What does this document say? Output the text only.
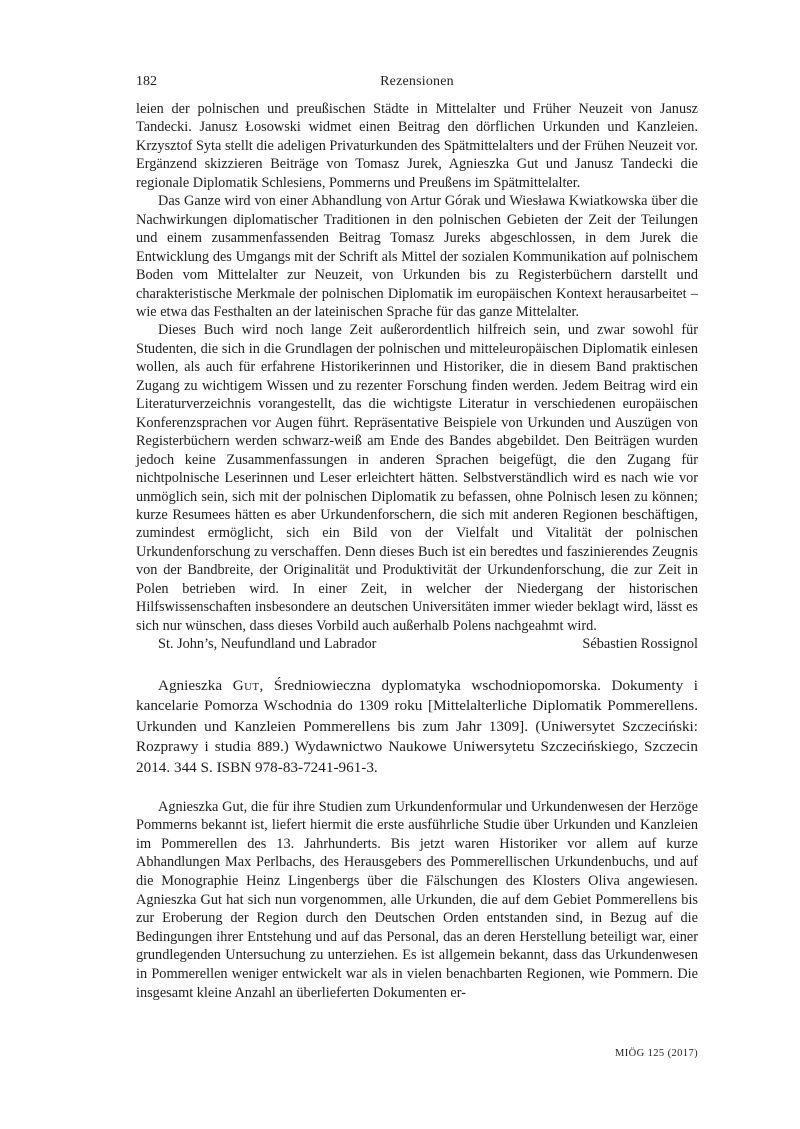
182	Rezensionen

leien der polnischen und preußischen Städte in Mittelalter und Früher Neuzeit von Janusz Tandecki. Janusz Łosowski widmet einen Beitrag den dörflichen Urkunden und Kanzleien. Krzysztof Syta stellt die adeligen Privaturkunden des Spätmittelalters und der Frühen Neuzeit vor. Ergänzend skizzieren Beiträge von Tomasz Jurek, Agnieszka Gut und Janusz Tandecki die regionale Diplomatik Schlesiens, Pommerns und Preußens im Spätmittelalter.

Das Ganze wird von einer Abhandlung von Artur Górak und Wiesława Kwiatkowska über die Nachwirkungen diplomatischer Traditionen in den polnischen Gebieten der Zeit der Teilungen und einem zusammenfassenden Beitrag Tomasz Jureks abgeschlossen, in dem Jurek die Entwicklung des Umgangs mit der Schrift als Mittel der sozialen Kommunikation auf polnischem Boden vom Mittelalter zur Neuzeit, von Urkunden bis zu Registerbüchern darstellt und charakteristische Merkmale der polnischen Diplomatik im europäischen Kontext herausarbeitet – wie etwa das Festhalten an der lateinischen Sprache für das ganze Mittelalter.

Dieses Buch wird noch lange Zeit außerordentlich hilfreich sein, und zwar sowohl für Studenten, die sich in die Grundlagen der polnischen und mitteleuropäischen Diplomatik einlesen wollen, als auch für erfahrene Historikerinnen und Historiker, die in diesem Band praktischen Zugang zu wichtigem Wissen und zu rezenter Forschung finden werden. Jedem Beitrag wird ein Literaturverzeichnis vorangestellt, das die wichtigste Literatur in verschiedenen europäischen Konferenzsprachen vor Augen führt. Repräsentative Beispiele von Urkunden und Auszügen von Registerbüchern werden schwarz-weiß am Ende des Bandes abgebildet. Den Beiträgen wurden jedoch keine Zusammenfassungen in anderen Sprachen beigefügt, die den Zugang für nichtpolnische Leserinnen und Leser erleichtert hätten. Selbstverständlich wird es nach wie vor unmöglich sein, sich mit der polnischen Diplomatik zu befassen, ohne Polnisch lesen zu können; kurze Resumees hätten es aber Urkundenforschern, die sich mit anderen Regionen beschäftigen, zumindest ermöglicht, sich ein Bild von der Vielfalt und Vitalität der polnischen Urkundenforschung zu verschaffen. Denn dieses Buch ist ein beredtes und faszinierendes Zeugnis von der Bandbreite, der Originalität und Produktivität der Urkundenforschung, die zur Zeit in Polen betrieben wird. In einer Zeit, in welcher der Niedergang der historischen Hilfswissenschaften insbesondere an deutschen Universitäten immer wieder beklagt wird, lässt es sich nur wünschen, dass dieses Vorbild auch außerhalb Polens nachgeahmt wird.

St. John’s, Neufundland und Labrador	Sébastien Rossignol
Agnieszka Gut, Średniowieczna dyplomatyka wschodniopomorska. Dokumenty i kancelarie Pomorza Wschodnia do 1309 roku [Mittelalterliche Diplomatik Pommerellens. Urkunden und Kanzleien Pommerellens bis zum Jahr 1309]. (Uniwersytet Szczeciński: Rozprawy i studia 889.) Wydawnictwo Naukowe Uniwersytetu Szczecińskiego, Szczecin 2014. 344 S. ISBN 978-83-7241-961-3.

Agnieszka Gut, die für ihre Studien zum Urkundenformular und Urkundenwesen der Herzöge Pommerns bekannt ist, liefert hiermit die erste ausführliche Studie über Urkunden und Kanzleien im Pommerellen des 13. Jahrhunderts. Bis jetzt waren Historiker vor allem auf kurze Abhandlungen Max Perlbachs, des Herausgebers des Pommerellischen Urkundenbuchs, und auf die Monographie Heinz Lingenbergs über die Fälschungen des Klosters Oliva angewiesen. Agnieszka Gut hat sich nun vorgenommen, alle Urkunden, die auf dem Gebiet Pommerellens bis zur Eroberung der Region durch den Deutschen Orden entstanden sind, in Bezug auf die Bedingungen ihrer Entstehung und auf das Personal, das an deren Herstellung beteiligt war, einer grundlegenden Untersuchung zu unterziehen. Es ist allgemein bekannt, dass das Urkundenwesen in Pommerellen weniger entwickelt war als in vielen benachbarten Regionen, wie Pommern. Die insgesamt kleine Anzahl an überlieferten Dokumenten er-

MIÖG 125 (2017)
